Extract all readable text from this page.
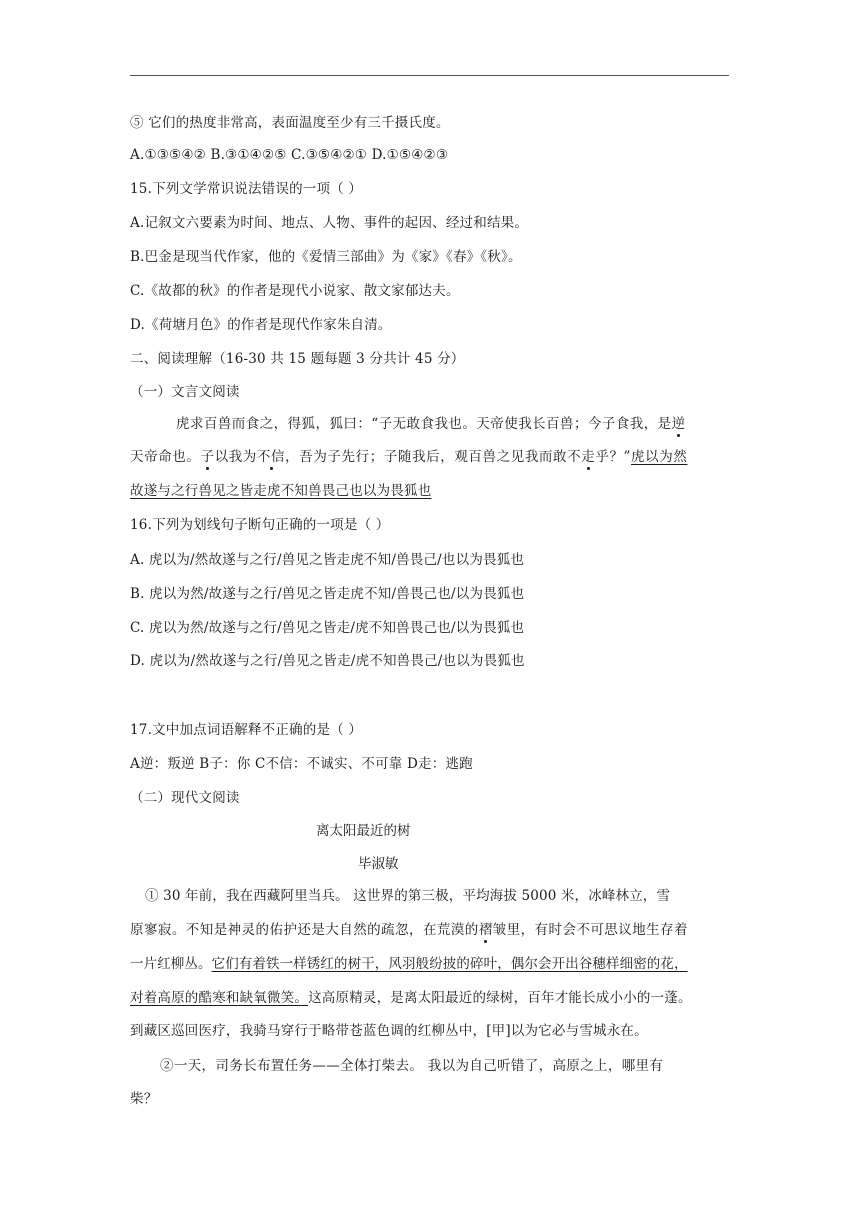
⑤ 它们的热度非常高，表面温度至少有三千摄氏度。
A.①③⑤④② B.③①④②⑤ C.③⑤④②① D.①⑤④②③
15.下列文学常识说法错误的一项（ ）
A.记叙文六要素为时间、地点、人物、事件的起因、经过和结果。
B.巴金是现当代作家，他的《爱情三部曲》为《家》《春》《秋》。
C.《故都的秋》的作者是现代小说家、散文家郁达夫。
D.《荷塘月色》的作者是现代作家朱自清。
二、阅读理解（16-30 共 15 题每题 3 分共计 45 分）
（一）文言文阅读
虎求百兽而食之，得狐，狐曰：“子无敢食我也。天帝使我长百兽；今子食我，是逆
天帝命也。子以我为不信，吾为子先行；子随我后，观百兽之见我而敢不走乎？”虎以为然
故遂与之行兽见之皆走虎不知兽畏己也以为畏狐也
16.下列为划线句子断句正确的一项是（ ）
A. 虎以为/然故遂与之行/兽见之皆走虎不知/兽畏己/也以为畏狐也
B. 虎以为然/故遂与之行/兽见之皆走虎不知/兽畏己也/以为畏狐也
C. 虎以为然/故遂与之行/兽见之皆走/虎不知兽畏己也/以为畏狐也
D. 虎以为/然故遂与之行/兽见之皆走/虎不知兽畏己/也以为畏狐也
17.文中加点词语解释不正确的是（ ）
A逆：叛逆 B子：你 C不信：不诚实、不可靠 D走：逃跑
（二）现代文阅读
离太阳最近的树
毕淑敏
① 30 年前，我在西藏阿里当兵。 这世界的第三极，平均海拔 5000 米，冰峰林立，雪
原寥寂。不知是神灵的佑护还是大自然的疏忽，在荒漠的褶皱里，有时会不可思议地生存着
一片红柳丛。它们有着铁一样锈红的树干，风羽般纷披的碎叶，偶尔会开出谷穗样细密的花，
对着高原的酷寒和缺氧微笑。这高原精灵，是离太阳最近的绿树，百年才能长成小小的一蓬。
到藏区巡回医疗，我骑马穿行于略带苍蓝色调的红柳丛中，[甲]以为它必与雪城永在。
②一天，司务长布置任务——全体打柴去。 我以为自己听错了，高原之上，哪里有
柴？
